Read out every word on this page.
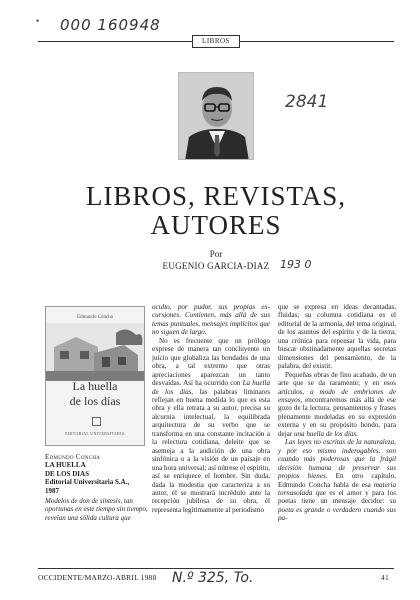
• 000 160948
2841
193 0
N.º 325, To.
LIBROS
LIBROS, REVISTAS,
AUTORES
Por
EUGENIO GARCIA-DIAZ
Edmundo Concha
La huella
de los días
EDITORIAL UNIVERSITARIA
Edmundo Concha
LA HUELLA
DE LOS DIAS
Editorial Universitaria S.A.,
1987
Modelos de don de síntesis, tan oportunas en este tiempo sin tiempo, revelan una sólida cultura que

oculto, por pudor, sus propias ex-cursiones. Contienen, más allá de sus temas puntuales, mensajes implícitos que no siguen de largo.

No es frecuente que un prólogo exprese de manera tan concluyente un juicio que globaliza las bondades de una obra, a tal extremo que otras apreciaciones aparezcan un tanto desvaídas. Así ha ocurrido con La huella de los días, las palabras liminares reflejan en buena medida lo que es esta obra y ella retrata a su autor, precisa su alcurnia intelectual, la equilibrada arquitectura de su verbo que se transforma en una constante incitación a la relectura cotidiana, deleite que se asemeja a la audición de una obra sinfónica o a la visión de un paisaje en una hora universal; así nútrese el espíritu, así se enriquece el hombre. Sin duda, dada la modestia que caracteriza a su autor, él se mostrará incrédulo ante la recepción jubilosa de su obra, él representa legítimamente al periodismo

que se expresa en ideas decantadas, fluidas; su columna cotidiana es el editorial de la armonía, del tema original, de los asuntos del espíritu y de la tierra; una crónica para repensar la vida, para buscar obstinadamente aquellas secretas dimensiones del pensamiento, de la palabra, del existir.

Pequeñas obras de fino acabado, de un arte que se da raramente; y en esos artículos, a modo de embriones de ensayos, encontraremos más allá de ese gozo de la lectura, pensamientos y frases plenamente modeladas en su expresión externa y en su propósito hondo, para dejar una huella de los días.

Las leyes no escritas de la naturaleza, y por eso mismo inderogables, son cuando más poderosas que la frágil decisión humana de preservar sus propios bienes. En otro capítulo, Edmundo Concha habla de esa materia tornasolada que es el amor y para los poetas tiene un mensaje decidor: su poeta es grande o verdadero cuando sus pa-

OCCIDENTE/MARZO-ABRIL 1988	41
